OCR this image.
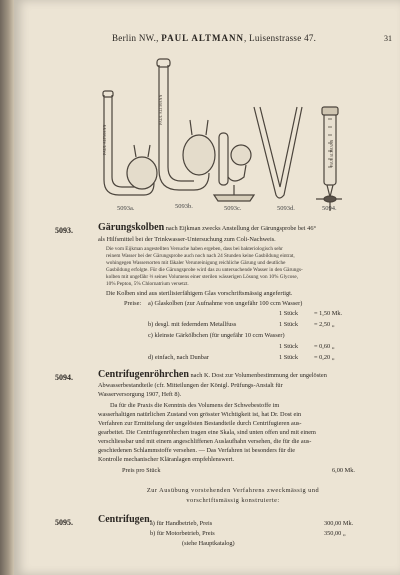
Berlin NW., PAUL ALTMANN, Luisenstrasse 47.	31
PAUL ALTMANN
PAUL ALTMANN
PAUL ALTMANN
5093a.	5093b.	5093c.	5093d.	5094.
5093.	Gärungskolben nach Eijkman zwecks Anstellung der Gärungsprobe bei 46°
als Hilfsmittel bei der Trinkwasser-Untersuchung zum Coli-Nachweis.
Die vom Eijkman angestellten Versuche haben ergeben, dass bei bakteriologisch sehr
reinem Wasser bei der Gärungsprobe auch noch nach 24 Stunden keine Gasbildung eintrat,
wohingegen Wassersorten mit fäkaler Verunreinigung reichliche Gärung und deutliche
Gasbildung erfolgte. Für die Gärungsprobe wird das zu untersuchende Wasser in den Gärungs-
kolben mit ungefähr ⅓ seines Volumens einer sterilen wässerigen Lösung von 10% Glycose,
10% Pepton, 5% Chlornatrium versetzt.
Die Kolben sind aus sterilisierfähigem Glas vorschriftsmässig angefertigt.
Preise: a) Glaskolben (zur Aufnahme von ungefähr 100 ccm Wasser)
1 Stück	= 1,50 Mk.
b) desgl. mit federndem Metallfuss	1 Stück	= 2,50 „
c) kleinste Gärkölbchen (für ungefähr 10 ccm Wasser)
1 Stück	= 0,60 „
d) einfach, nach Dunbar	1 Stück	= 0,20 „
5094.	Centrifugenröhrchen nach K. Dost zur Volumenbestimmung der ungelösten
Abwasserbestandteile (cfr. Mitteilungen der Königl. Prüfungs-Anstalt für
Wasserversorgung 1907, Heft 8).
Da für die Praxis die Kenntnis des Volumens der Schwebestoffe im
wasserhaltigen natürlichen Zustand von grösster Wichtigkeit ist, hat Dr. Dost ein
Verfahren zur Ermittelung der ungelösten Bestandteile durch Centrifugieren aus-
gearbeitet. Die Centrifugenröhrchen tragen eine Skala, sind unten offen und mit einem
verschliessbar und mit einem angeschliffenen Auslaufhahn versehen, die für die aus-
geschiedenen Schlammstoffe versehen. — Das Verfahren ist besonders für die
Kontrolle mechanischer Kläranlagen empfehlenswert.
Preis pro Stück	6,00 Mk.
Zur Ausübung vorstehenden Verfahrens zweckmässig und
vorschriftsmässig konstruierte:
5095.	Centrifugen.
a) für Handbetrieb, Preis	300,00 Mk.
b) für Motorbetrieb, Preis	350,00 „
(siehe Hauptkatalog)
